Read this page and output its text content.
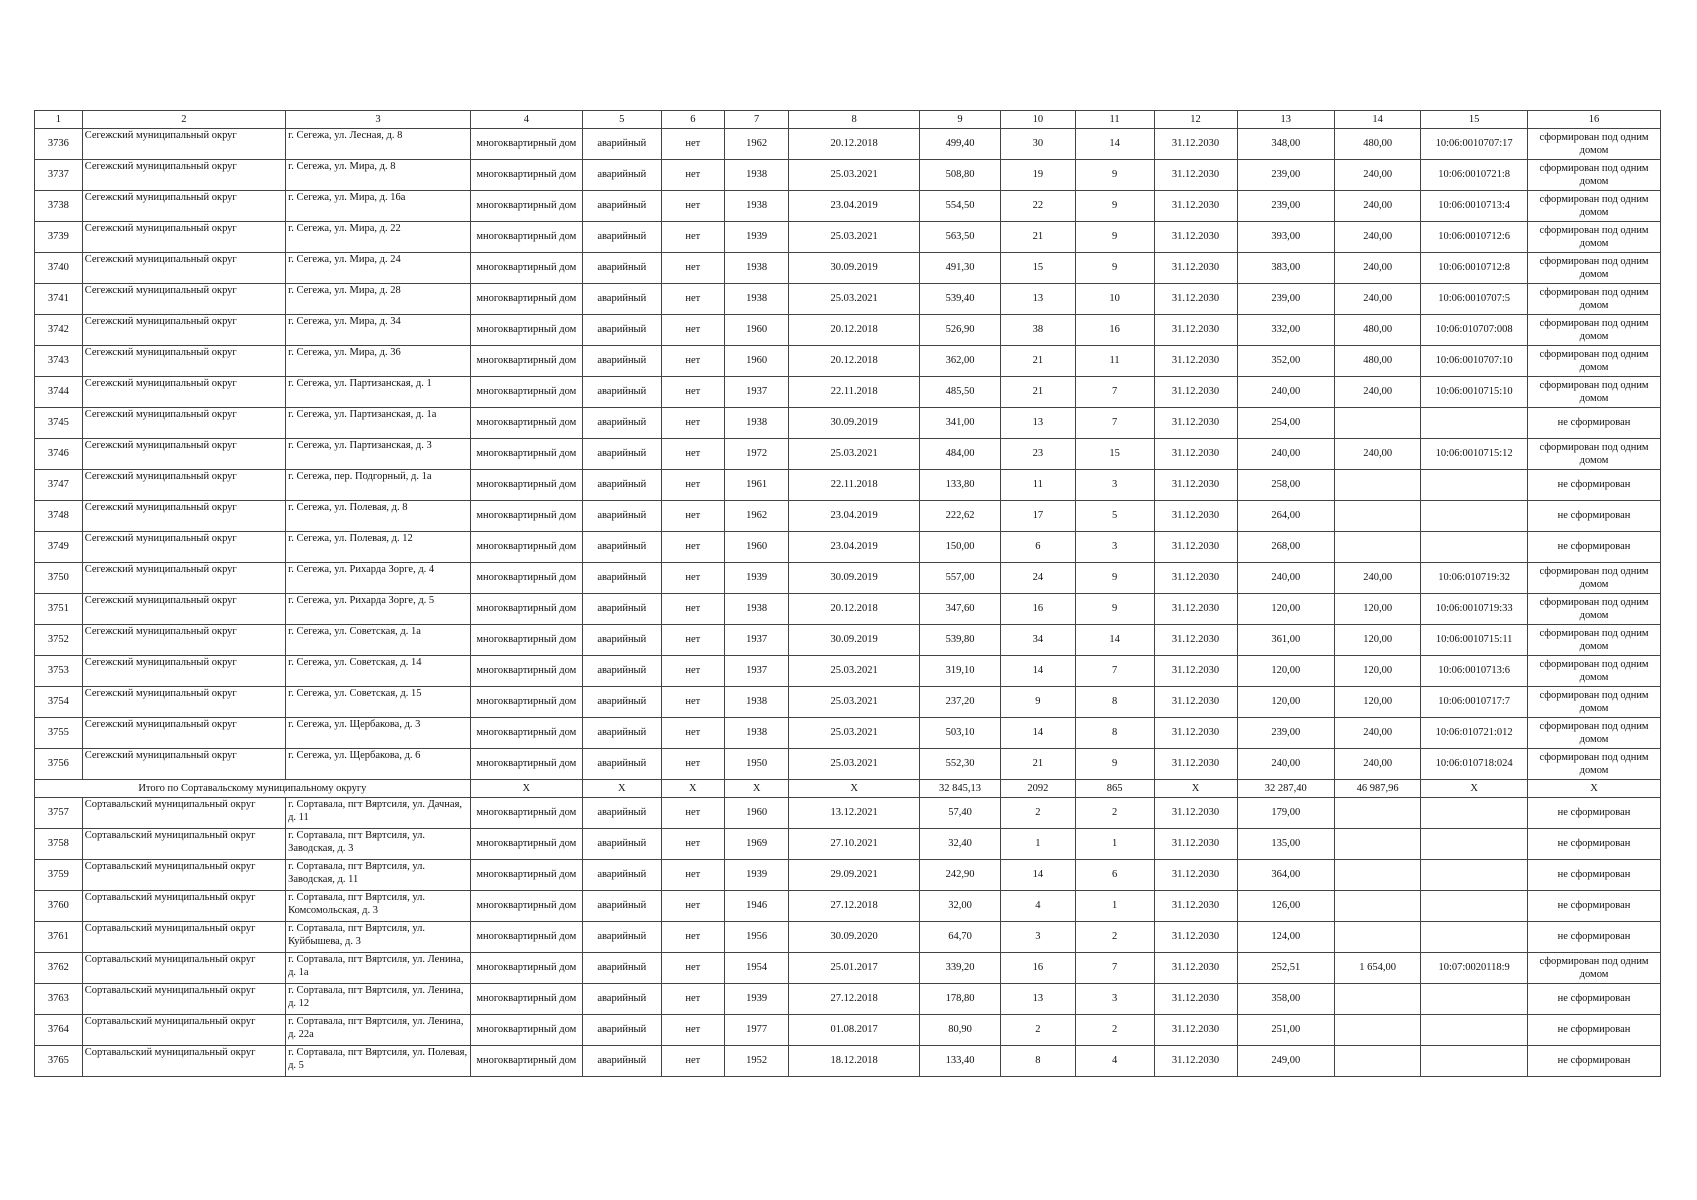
1	2	3	4	5	6	7	8	9	10	11	12	13	14	15	16
3736	Сегежский муниципальный округ	г. Сегежа, ул. Лесная, д. 8	многоквартирный дом	аварийный	нет	1962	20.12.2018	499,40	30	14	31.12.2030	348,00	480,00	10:06:0010707:17	сформирован под одним домом
3737	Сегежский муниципальный округ	г. Сегежа, ул. Мира, д. 8	многоквартирный дом	аварийный	нет	1938	25.03.2021	508,80	19	9	31.12.2030	239,00	240,00	10:06:0010721:8	сформирован под одним домом
3738	Сегежский муниципальный округ	г. Сегежа, ул. Мира, д. 16а	многоквартирный дом	аварийный	нет	1938	23.04.2019	554,50	22	9	31.12.2030	239,00	240,00	10:06:0010713:4	сформирован под одним домом
3739	Сегежский муниципальный округ	г. Сегежа, ул. Мира, д. 22	многоквартирный дом	аварийный	нет	1939	25.03.2021	563,50	21	9	31.12.2030	393,00	240,00	10:06:0010712:6	сформирован под одним домом
3740	Сегежский муниципальный округ	г. Сегежа, ул. Мира, д. 24	многоквартирный дом	аварийный	нет	1938	30.09.2019	491,30	15	9	31.12.2030	383,00	240,00	10:06:0010712:8	сформирован под одним домом
3741	Сегежский муниципальный округ	г. Сегежа, ул. Мира, д. 28	многоквартирный дом	аварийный	нет	1938	25.03.2021	539,40	13	10	31.12.2030	239,00	240,00	10:06:0010707:5	сформирован под одним домом
3742	Сегежский муниципальный округ	г. Сегежа, ул. Мира, д. 34	многоквартирный дом	аварийный	нет	1960	20.12.2018	526,90	38	16	31.12.2030	332,00	480,00	10:06:010707:008	сформирован под одним домом
3743	Сегежский муниципальный округ	г. Сегежа, ул. Мира, д. 36	многоквартирный дом	аварийный	нет	1960	20.12.2018	362,00	21	11	31.12.2030	352,00	480,00	10:06:0010707:10	сформирован под одним домом
3744	Сегежский муниципальный округ	г. Сегежа, ул. Партизанская, д. 1	многоквартирный дом	аварийный	нет	1937	22.11.2018	485,50	21	7	31.12.2030	240,00	240,00	10:06:0010715:10	сформирован под одним домом
3745	Сегежский муниципальный округ	г. Сегежа, ул. Партизанская, д. 1а	многоквартирный дом	аварийный	нет	1938	30.09.2019	341,00	13	7	31.12.2030	254,00			не сформирован
3746	Сегежский муниципальный округ	г. Сегежа, ул. Партизанская, д. 3	многоквартирный дом	аварийный	нет	1972	25.03.2021	484,00	23	15	31.12.2030	240,00	240,00	10:06:0010715:12	сформирован под одним домом
3747	Сегежский муниципальный округ	г. Сегежа, пер. Подгорный, д. 1а	многоквартирный дом	аварийный	нет	1961	22.11.2018	133,80	11	3	31.12.2030	258,00			не сформирован
3748	Сегежский муниципальный округ	г. Сегежа, ул. Полевая, д. 8	многоквартирный дом	аварийный	нет	1962	23.04.2019	222,62	17	5	31.12.2030	264,00			не сформирован
3749	Сегежский муниципальный округ	г. Сегежа, ул. Полевая, д. 12	многоквартирный дом	аварийный	нет	1960	23.04.2019	150,00	6	3	31.12.2030	268,00			не сформирован
3750	Сегежский муниципальный округ	г. Сегежа, ул. Рихарда Зорге, д. 4	многоквартирный дом	аварийный	нет	1939	30.09.2019	557,00	24	9	31.12.2030	240,00	240,00	10:06:010719:32	сформирован под одним домом
3751	Сегежский муниципальный округ	г. Сегежа, ул. Рихарда Зорге, д. 5	многоквартирный дом	аварийный	нет	1938	20.12.2018	347,60	16	9	31.12.2030	120,00	120,00	10:06:0010719:33	сформирован под одним домом
3752	Сегежский муниципальный округ	г. Сегежа, ул. Советская, д. 1а	многоквартирный дом	аварийный	нет	1937	30.09.2019	539,80	34	14	31.12.2030	361,00	120,00	10:06:0010715:11	сформирован под одним домом
3753	Сегежский муниципальный округ	г. Сегежа, ул. Советская, д. 14	многоквартирный дом	аварийный	нет	1937	25.03.2021	319,10	14	7	31.12.2030	120,00	120,00	10:06:0010713:6	сформирован под одним домом
3754	Сегежский муниципальный округ	г. Сегежа, ул. Советская, д. 15	многоквартирный дом	аварийный	нет	1938	25.03.2021	237,20	9	8	31.12.2030	120,00	120,00	10:06:0010717:7	сформирован под одним домом
3755	Сегежский муниципальный округ	г. Сегежа, ул. Щербакова, д. 3	многоквартирный дом	аварийный	нет	1938	25.03.2021	503,10	14	8	31.12.2030	239,00	240,00	10:06:010721:012	сформирован под одним домом
3756	Сегежский муниципальный округ	г. Сегежа, ул. Щербакова, д. 6	многоквартирный дом	аварийный	нет	1950	25.03.2021	552,30	21	9	31.12.2030	240,00	240,00	10:06:010718:024	сформирован под одним домом
Итого по Сортавальскому муниципальному округу			X	X	X	X	X	32 845,13	2092	865	X	32 287,40	46 987,96	X	X
3757	Сортавальский муниципальный округ	г. Сортавала, пгт Вяртсиля, ул. Дачная, д. 11	многоквартирный дом	аварийный	нет	1960	13.12.2021	57,40	2	2	31.12.2030	179,00			не сформирован
3758	Сортавальский муниципальный округ	г. Сортавала, пгт Вяртсиля, ул. Заводская, д. 3	многоквартирный дом	аварийный	нет	1969	27.10.2021	32,40	1	1	31.12.2030	135,00			не сформирован
3759	Сортавальский муниципальный округ	г. Сортавала, пгт Вяртсиля, ул. Заводская, д. 11	многоквартирный дом	аварийный	нет	1939	29.09.2021	242,90	14	6	31.12.2030	364,00			не сформирован
3760	Сортавальский муниципальный округ	г. Сортавала, пгт Вяртсиля, ул. Комсомольская, д. 3	многоквартирный дом	аварийный	нет	1946	27.12.2018	32,00	4	1	31.12.2030	126,00			не сформирован
3761	Сортавальский муниципальный округ	г. Сортавала, пгт Вяртсиля, ул. Куйбышева, д. 3	многоквартирный дом	аварийный	нет	1956	30.09.2020	64,70	3	2	31.12.2030	124,00			не сформирован
3762	Сортавальский муниципальный округ	г. Сортавала, пгт Вяртсиля, ул. Ленина, д. 1а	многоквартирный дом	аварийный	нет	1954	25.01.2017	339,20	16	7	31.12.2030	252,51	1 654,00	10:07:0020118:9	сформирован под одним домом
3763	Сортавальский муниципальный округ	г. Сортавала, пгт Вяртсиля, ул. Ленина, д. 12	многоквартирный дом	аварийный	нет	1939	27.12.2018	178,80	13	3	31.12.2030	358,00			не сформирован
3764	Сортавальский муниципальный округ	г. Сортавала, пгт Вяртсиля, ул. Ленина, д. 22а	многоквартирный дом	аварийный	нет	1977	01.08.2017	80,90	2	2	31.12.2030	251,00			не сформирован
3765	Сортавальский муниципальный округ	г. Сортавала, пгт Вяртсиля, ул. Полевая, д. 5	многоквартирный дом	аварийный	нет	1952	18.12.2018	133,40	8	4	31.12.2030	249,00			не сформирован
